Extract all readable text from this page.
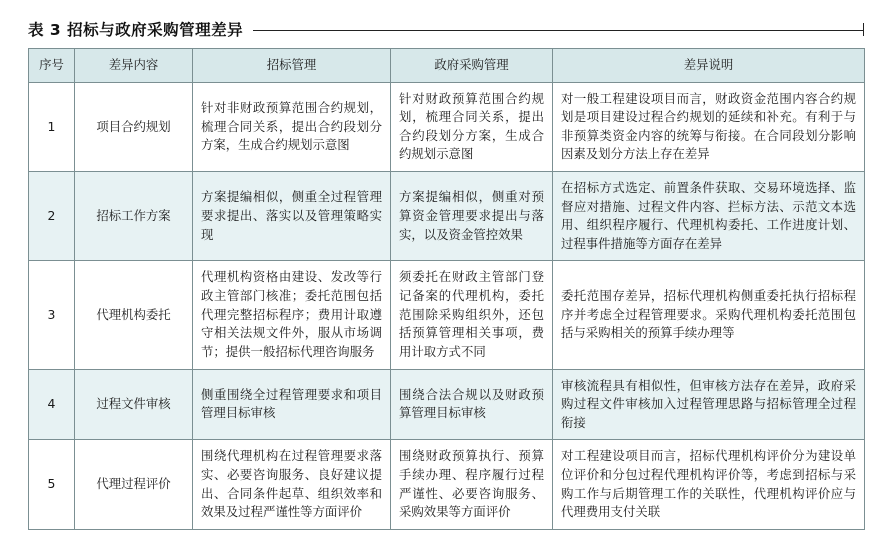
表 3 招标与政府采购管理差异
序号	差异内容	招标管理	政府采购管理	差异说明
1	项目合约规划	针对非财政预算范围合约规划，梳理合同关系，提出合约段划分方案，生成合约规划示意图	针对财政预算范围合约规划，梳理合同关系，提出合约段划分方案，生成合约规划示意图	对一般工程建设项目而言，财政资金范围内容合约规划是项目建设过程合约规划的延续和补充。有利于与非预算类资金内容的统筹与衔接。在合同段划分影响因素及划分方法上存在差异
2	招标工作方案	方案提编相似，侧重全过程管理要求提出、落实以及管理策略实现	方案提编相似，侧重对预算资金管理要求提出与落实，以及资金管控效果	在招标方式选定、前置条件获取、交易环境选择、监督应对措施、过程文件内容、拦标方法、示范文本选用、组织程序履行、代理机构委托、工作进度计划、过程事件措施等方面存在差异
3	代理机构委托	代理机构资格由建设、发改等行政主管部门核准；委托范围包括代理完整招标程序；费用计取遵守相关法规文件外，服从市场调节；提供一般招标代理咨询服务	须委托在财政主管部门登记备案的代理机构，委托范围除采购组织外，还包括预算管理相关事项，费用计取方式不同	委托范围存差异，招标代理机构侧重委托执行招标程序并考虑全过程管理要求。采购代理机构委托范围包括与采购相关的预算手续办理等
4	过程文件审核	侧重围绕全过程管理要求和项目管理目标审核	围绕合法合规以及财政预算管理目标审核	审核流程具有相似性，但审核方法存在差异，政府采购过程文件审核加入过程管理思路与招标管理全过程衔接
5	代理过程评价	围绕代理机构在过程管理要求落实、必要咨询服务、良好建议提出、合同条件起草、组织效率和效果及过程严谨性等方面评价	围绕财政预算执行、预算手续办理、程序履行过程严谨性、必要咨询服务、采购效果等方面评价	对工程建设项目而言，招标代理机构评价分为建设单位评价和分包过程代理机构评价等，考虑到招标与采购工作与后期管理工作的关联性，代理机构评价应与代理费用支付关联
